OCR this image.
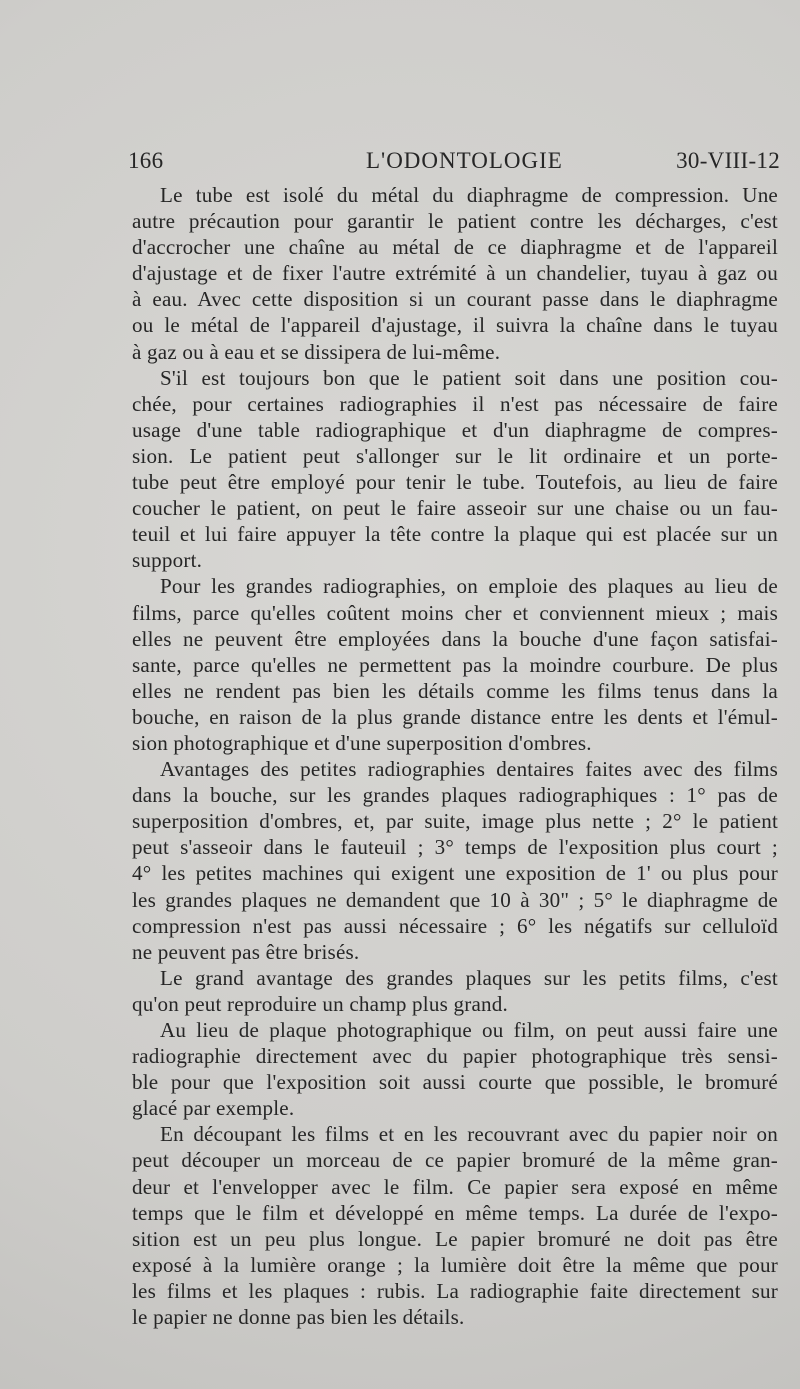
166	L'ODONTOLOGIE	30-VIII-12
Le tube est isolé du métal du diaphragme de compression. Une
autre précaution pour garantir le patient contre les décharges, c'est
d'accrocher une chaîne au métal de ce diaphragme et de l'appareil
d'ajustage et de fixer l'autre extrémité à un chandelier, tuyau à gaz ou
à eau. Avec cette disposition si un courant passe dans le diaphragme
ou le métal de l'appareil d'ajustage, il suivra la chaîne dans le tuyau
à gaz ou à eau et se dissipera de lui-même.
S'il est toujours bon que le patient soit dans une position cou-
chée, pour certaines radiographies il n'est pas nécessaire de faire
usage d'une table radiographique et d'un diaphragme de compres-
sion. Le patient peut s'allonger sur le lit ordinaire et un porte-
tube peut être employé pour tenir le tube. Toutefois, au lieu de faire
coucher le patient, on peut le faire asseoir sur une chaise ou un fau-
teuil et lui faire appuyer la tête contre la plaque qui est placée sur un
support.
Pour les grandes radiographies, on emploie des plaques au lieu de
films, parce qu'elles coûtent moins cher et conviennent mieux ; mais
elles ne peuvent être employées dans la bouche d'une façon satisfai-
sante, parce qu'elles ne permettent pas la moindre courbure. De plus
elles ne rendent pas bien les détails comme les films tenus dans la
bouche, en raison de la plus grande distance entre les dents et l'émul-
sion photographique et d'une superposition d'ombres.
Avantages des petites radiographies dentaires faites avec des films
dans la bouche, sur les grandes plaques radiographiques : 1° pas de
superposition d'ombres, et, par suite, image plus nette ; 2° le patient
peut s'asseoir dans le fauteuil ; 3° temps de l'exposition plus court ;
4° les petites machines qui exigent une exposition de 1' ou plus pour
les grandes plaques ne demandent que 10 à 30" ; 5° le diaphragme de
compression n'est pas aussi nécessaire ; 6° les négatifs sur celluloïd
ne peuvent pas être brisés.
Le grand avantage des grandes plaques sur les petits films, c'est
qu'on peut reproduire un champ plus grand.
Au lieu de plaque photographique ou film, on peut aussi faire une
radiographie directement avec du papier photographique très sensi-
ble pour que l'exposition soit aussi courte que possible, le bromuré
glacé par exemple.
En découpant les films et en les recouvrant avec du papier noir on
peut découper un morceau de ce papier bromuré de la même gran-
deur et l'envelopper avec le film. Ce papier sera exposé en même
temps que le film et développé en même temps. La durée de l'expo-
sition est un peu plus longue. Le papier bromuré ne doit pas être
exposé à la lumière orange ; la lumière doit être la même que pour
les films et les plaques : rubis. La radiographie faite directement sur
le papier ne donne pas bien les détails.
